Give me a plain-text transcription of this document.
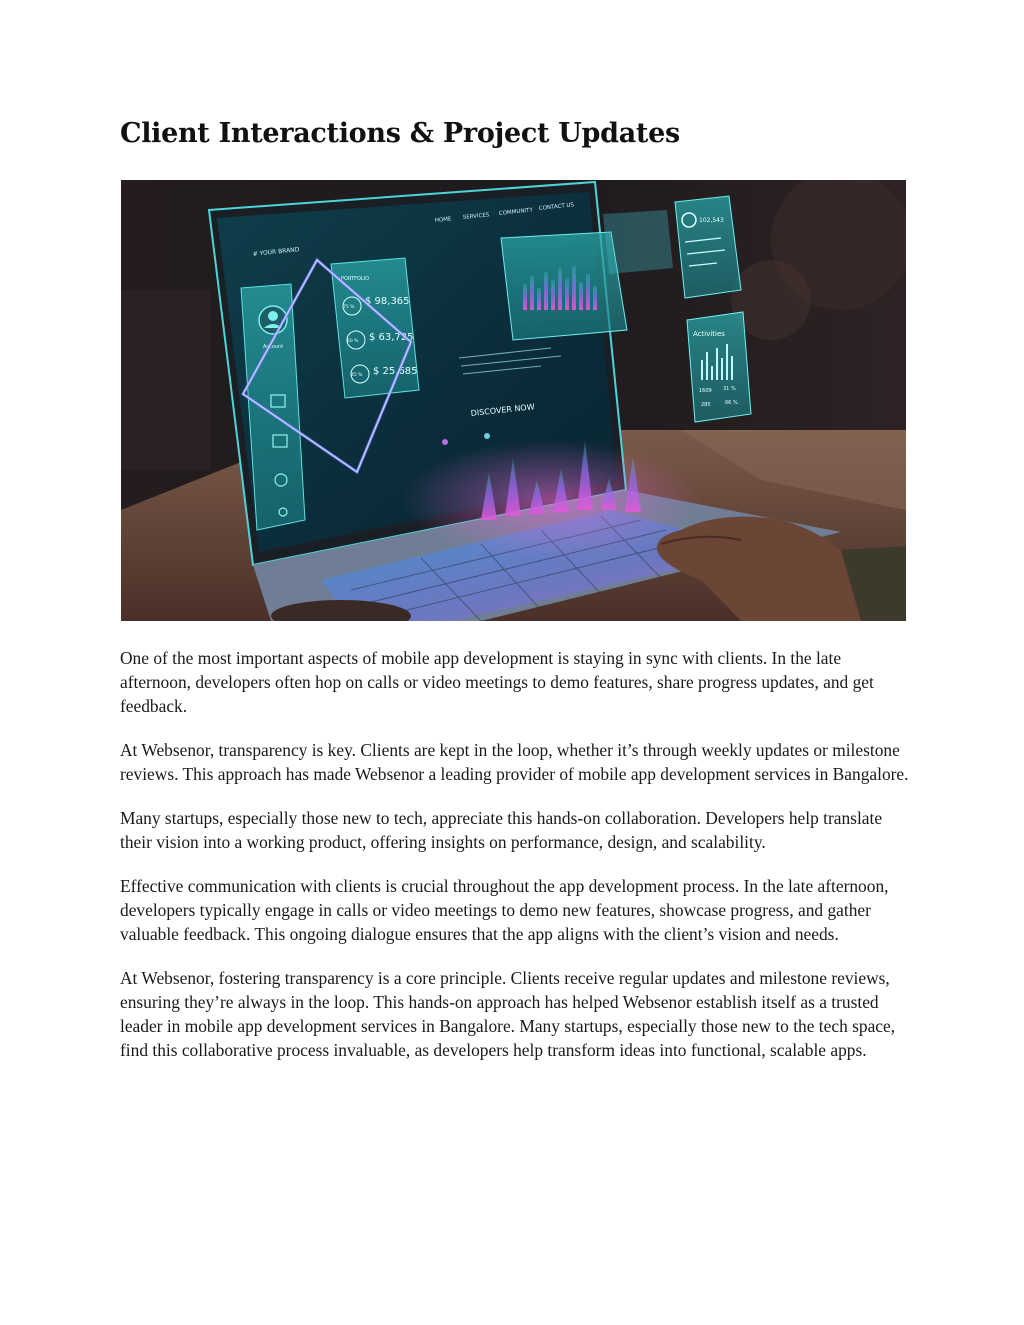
Client Interactions & Project Updates
# YOUR BRAND
HOME SERVICES COMMUNITY
CONTACT US
Account
PORTFOLIO
$ 98,365
$ 63,725
$ 25,685
75 %
60 %
45 %
DISCOVER NOW
102,543
Activities
1609 31 %
285	66 %

One of the most important aspects of mobile app development is staying in sync with clients. In the late afternoon, developers often hop on calls or video meetings to demo features, share progress updates, and get feedback.

At Websenor, transparency is key. Clients are kept in the loop, whether it’s through weekly updates or milestone reviews. This approach has made Websenor a leading provider of mobile app development services in Bangalore.

Many startups, especially those new to tech, appreciate this hands-on collaboration. Developers help translate their vision into a working product, offering insights on performance, design, and scalability.

Effective communication with clients is crucial throughout the app development process. In the late afternoon, developers typically engage in calls or video meetings to demo new features, showcase progress, and gather valuable feedback. This ongoing dialogue ensures that the app aligns with the client’s vision and needs.

At Websenor, fostering transparency is a core principle. Clients receive regular updates and milestone reviews, ensuring they’re always in the loop. This hands-on approach has helped Websenor establish itself as a trusted leader in mobile app development services in Bangalore. Many startups, especially those new to the tech space, find this collaborative process invaluable, as developers help transform ideas into functional, scalable apps.
